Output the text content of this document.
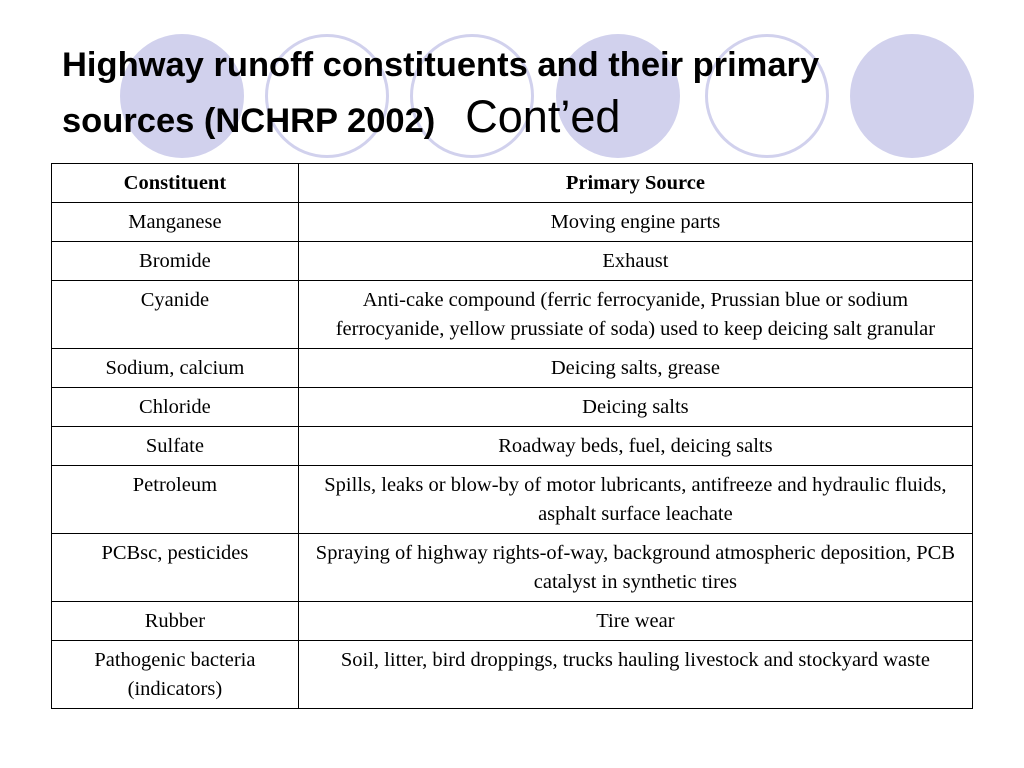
Highway runoff constituents and their primary
sources (NCHRP 2002) Cont’ed
Constituent	Primary Source
Manganese	Moving engine parts
Bromide	Exhaust
Cyanide	Anti-cake compound (ferric ferrocyanide, Prussian blue or sodium ferrocyanide, yellow prussiate of soda) used to keep deicing salt granular
Sodium, calcium	Deicing salts, grease
Chloride	Deicing salts
Sulfate	Roadway beds, fuel, deicing salts
Petroleum	Spills, leaks or blow-by of motor lubricants, antifreeze and hydraulic fluids, asphalt surface leachate
PCBsc, pesticides	Spraying of highway rights-of-way, background atmospheric deposition, PCB catalyst in synthetic tires
Rubber	Tire wear
Pathogenic bacteria (indicators)	Soil, litter, bird droppings, trucks hauling livestock and stockyard waste
